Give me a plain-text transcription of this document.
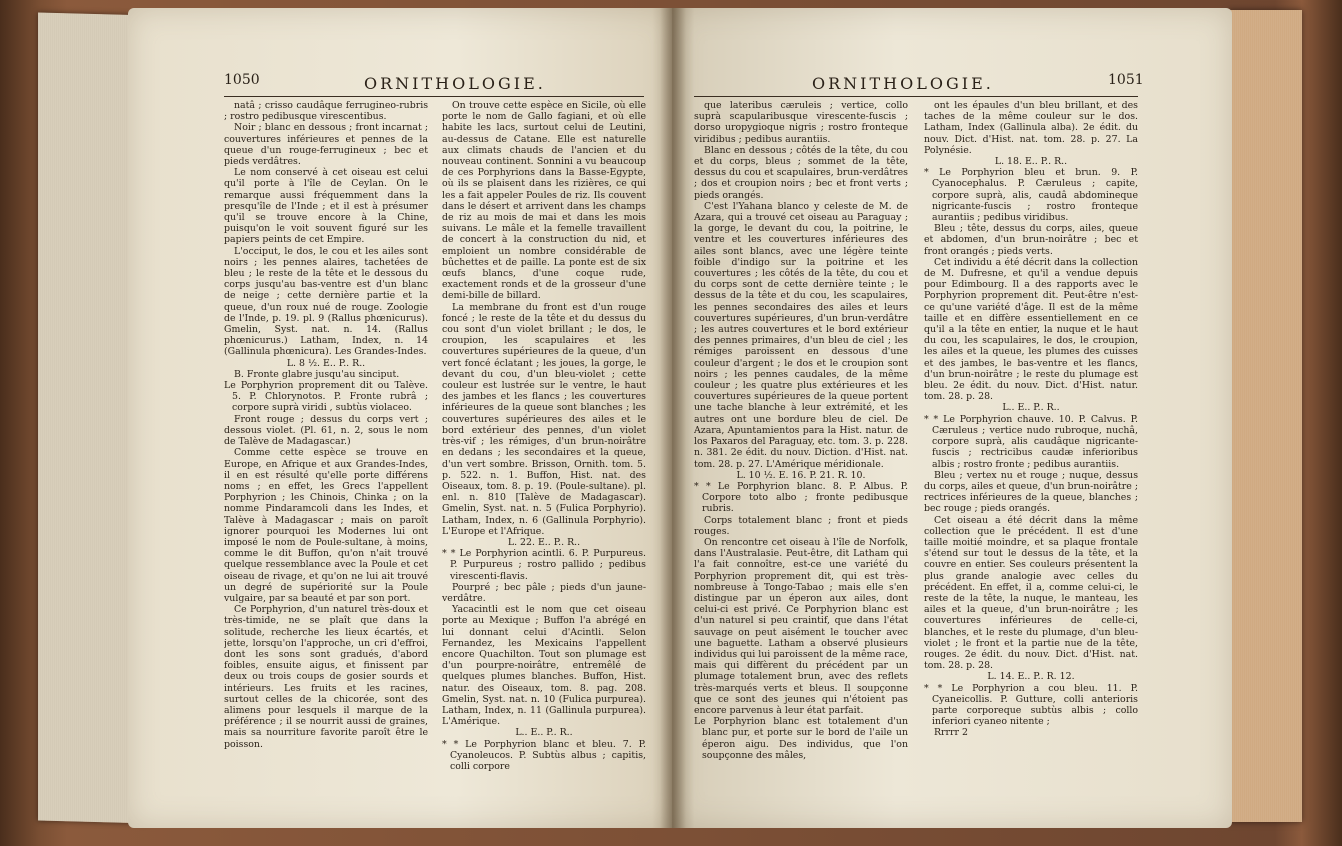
1050	ORNITHOLOGIE.

natâ ; crisso caudâque ferrugineo-rubris ; rostro pedibusque virescentibus.

Noir ; blanc en dessous ; front incarnat ; couvertures inférieures et pennes de la queue d'un rouge-ferrugineux ; bec et pieds verdâtres.

Le nom conservé à cet oiseau est celui qu'il porte à l'île de Ceylan. On le remarque aussi fréquemment dans la presqu'île de l'Inde ; et il est à présumer qu'il se trouve encore à la Chine, puisqu'on le voit souvent figuré sur les papiers peints de cet Empire.

L'occiput, le dos, le cou et les ailes sont noirs ; les pennes alaires, tachetées de bleu ; le reste de la tête et le dessous du corps jusqu'au bas-ventre est d'un blanc de neige ; cette dernière partie et la queue, d'un roux nué de rouge. Zoologie de l'Inde, p. 19. pl. 9 (Rallus phœnicurus). Gmelin, Syst. nat. n. 14. (Rallus phœnicurus.) Latham, Index, n. 14 (Gallinula phœnicura). Les Grandes-Indes.

L. 8 ½. E.. P.. R..

B. Fronte glabre jusqu'au sinciput.

Le Porphyrion proprement dit ou Talève. 5. P. Chlorynotos. P. Fronte rubrâ ; corpore suprà viridi , subtùs violaceo.

Front rouge ; dessus du corps vert ; dessous violet. (Pl. 61, n. 2, sous le nom de Talève de Madagascar.)

Comme cette espèce se trouve en Europe, en Afrique et aux Grandes-Indes, il en est résulté qu'elle porte différens noms ; en effet, les Grecs l'appellent Porphyrion ; les Chinois, Chinka ; on la nomme Pindaramcoli dans les Indes, et Talève à Madagascar ; mais on paroît ignorer pourquoi les Modernes lui ont imposé le nom de Poule-sultane, à moins, comme le dit Buffon, qu'on n'ait trouvé quelque ressemblance avec la Poule et cet oiseau de rivage, et qu'on ne lui ait trouvé un degré de supériorité sur la Poule vulgaire, par sa beauté et par son port.

Ce Porphyrion, d'un naturel très-doux et très-timide, ne se plaît que dans la solitude, recherche les lieux écartés, et jette, lorsqu'on l'approche, un cri d'effroi, dont les sons sont gradués, d'abord foibles, ensuite aigus, et finissent par deux ou trois coups de gosier sourds et intérieurs. Les fruits et les racines, surtout celles de la chicorée, sont des alimens pour lesquels il marque de la préférence ; il se nourrit aussi de graines, mais sa nourriture favorite paroît être le poisson.

On trouve cette espèce en Sicile, où elle porte le nom de Gallo fagiani, et où elle habite les lacs, surtout celui de Leutini, au-dessus de Catane. Elle est naturelle aux climats chauds de l'ancien et du nouveau continent. Sonnini a vu beaucoup de ces Porphyrions dans la Basse-Egypte, où ils se plaisent dans les rizières, ce qui les a fait appeler Poules de riz. Ils couvent dans le désert et arrivent dans les champs de riz au mois de mai et dans les mois suivans. Le mâle et la femelle travaillent de concert à la construction du nid, et emploient un nombre considérable de bûchettes et de paille. La ponte est de six œufs blancs, d'une coque rude, exactement ronds et de la grosseur d'une demi-bille de billard.

La membrane du front est d'un rouge foncé ; le reste de la tête et du dessus du cou sont d'un violet brillant ; le dos, le croupion, les scapulaires et les couvertures supérieures de la queue, d'un vert foncé éclatant ; les joues, la gorge, le devant du cou, d'un bleu-violet ; cette couleur est lustrée sur le ventre, le haut des jambes et les flancs ; les couvertures inférieures de la queue sont blanches ; les couvertures supérieures des ailes et le bord extérieur des pennes, d'un violet très-vif ; les rémiges, d'un brun-noirâtre en dedans ; les secondaires et la queue, d'un vert sombre. Brisson, Ornith. tom. 5. p. 522. n. 1. Buffon, Hist. nat. des Oiseaux, tom. 8. p. 19. (Poule-sultane). pl. enl. n. 810 [Talève de Madagascar). Gmelin, Syst. nat. n. 5 (Fulica Porphyrio). Latham, Index, n. 6 (Gallinula Porphyrio). L'Europe et l'Afrique.

L. 22. E.. P.. R..

* * Le Porphyrion acintli. 6. P. Purpureus. P. Purpureus ; rostro pallido ; pedibus virescenti-flavis.

Pourpré ; bec pâle ; pieds d'un jaune-verdâtre.

Yacacintli est le nom que cet oiseau porte au Mexique ; Buffon l'a abrégé en lui donnant celui d'Acintli. Selon Fernandez, les Mexicains l'appellent encore Quachilton. Tout son plumage est d'un pourpre-noirâtre, entremêlé de quelques plumes blanches. Buffon, Hist. natur. des Oiseaux, tom. 8. pag. 208. Gmelin, Syst. nat. n. 10 (Fulica purpurea). Latham, Index, n. 11 (Gallinula purpurea). L'Amérique.

L.. E.. P.. R..

* * Le Porphyrion blanc et bleu. 7. P. Cyanoleucos. P. Subtùs albus ; capitis, colli corpore

ORNITHOLOGIE.	1051

que lateribus cæruleis ; vertice, collo suprà scapularibusque virescente-fuscis ; dorso uropygioque nigris ; rostro fronteque viridibus ; pedibus aurantiis.

Blanc en dessous ; côtés de la tête, du cou et du corps, bleus ; sommet de la tête, dessus du cou et scapulaires, brun-verdâtres ; dos et croupion noirs ; bec et front verts ; pieds orangés.

C'est l'Yahana blanco y celeste de M. de Azara, qui a trouvé cet oiseau au Paraguay ; la gorge, le devant du cou, la poitrine, le ventre et les couvertures inférieures des ailes sont blancs, avec une légère teinte foible d'indigo sur la poitrine et les couvertures ; les côtés de la tête, du cou et du corps sont de cette dernière teinte ; le dessus de la tête et du cou, les scapulaires, les pennes secondaires des ailes et leurs couvertures supérieures, d'un brun-verdâtre ; les autres couvertures et le bord extérieur des pennes primaires, d'un bleu de ciel ; les rémiges paroissent en dessous d'une couleur d'argent ; le dos et le croupion sont noirs ; les pennes caudales, de la même couleur ; les quatre plus extérieures et les couvertures supérieures de la queue portent une tache blanche à leur extrémité, et les autres ont une bordure bleu de ciel. De Azara, Apuntamientos para la Hist. natur. de los Paxaros del Paraguay, etc. tom. 3. p. 228. n. 381. 2e édit. du nouv. Diction. d'Hist. nat. tom. 28. p. 27. L'Amérique méridionale.

L. 10 ½. E. 16. P. 21. R. 10.

* * Le Porphyrion blanc. 8. P. Albus. P. Corpore toto albo ; fronte pedibusque rubris.

Corps totalement blanc ; front et pieds rouges.

On rencontre cet oiseau à l'île de Norfolk, dans l'Australasie. Peut-être, dit Latham qui l'a fait connoître, est-ce une variété du Porphyrion proprement dit, qui est très-nombreuse à Tongo-Tabao ; mais elle s'en distingue par un éperon aux ailes, dont celui-ci est privé. Ce Porphyrion blanc est d'un naturel si peu craintif, que dans l'état sauvage on peut aisément le toucher avec une baguette. Latham a observé plusieurs individus qui lui paroissent de la même race, mais qui diffèrent du précédent par un plumage totalement brun, avec des reflets très-marqués verts et bleus. Il soupçonne que ce sont des jeunes qui n'étoient pas encore parvenus à leur état parfait.

Le Porphyrion blanc est totalement d'un blanc pur, et porte sur le bord de l'aile un éperon aigu. Des individus, que l'on soupçonne des mâles,

ont les épaules d'un bleu brillant, et des taches de la même couleur sur le dos. Latham, Index (Gallinula alba). 2e édit. du nouv. Dict. d'Hist. nat. tom. 28. p. 27. La Polynésie.

L. 18. E.. P.. R..

* Le Porphyrion bleu et brun. 9. P. Cyanocephalus. P. Cæruleus ; capite, corpore suprà, alis, caudâ abdomineque nigricante-fuscis ; rostro fronteque aurantiis ; pedibus viridibus.

Bleu ; tête, dessus du corps, ailes, queue et abdomen, d'un brun-noirâtre ; bec et front orangés ; pieds verts.

Cet individu a été décrit dans la collection de M. Dufresne, et qu'il a vendue depuis pour Edimbourg. Il a des rapports avec le Porphyrion proprement dit. Peut-être n'est-ce qu'une variété d'âge. Il est de la même taille et en diffère essentiellement en ce qu'il a la tête en entier, la nuque et le haut du cou, les scapulaires, le dos, le croupion, les ailes et la queue, les plumes des cuisses et des jambes, le bas-ventre et les flancs, d'un brun-noirâtre ; le reste du plumage est bleu. 2e édit. du nouv. Dict. d'Hist. natur. tom. 28. p. 28.

L.. E.. P.. R..

* * Le Porphyrion chauve. 10. P. Calvus. P. Cæruleus ; vertice nudo rubroque, nuchâ, corpore suprà, alis caudâque nigricante-fuscis ; rectricibus caudæ inferioribus albis ; rostro fronte ; pedibus aurantiis.

Bleu ; vertex nu et rouge ; nuque, dessus du corps, ailes et queue, d'un brun-noirâtre ; rectrices inférieures de la queue, blanches ; bec rouge ; pieds orangés.

Cet oiseau a été décrit dans la même collection que le précédent. Il est d'une taille moitié moindre, et sa plaque frontale s'étend sur tout le dessus de la tête, et la couvre en entier. Ses couleurs présentent la plus grande analogie avec celles du précédent. En effet, il a, comme celui-ci, le reste de la tête, la nuque, le manteau, les ailes et la queue, d'un brun-noirâtre ; les couvertures inférieures de celle-ci, blanches, et le reste du plumage, d'un bleu-violet ; le front et la partie nue de la tête, rouges. 2e édit. du nouv. Dict. d'Hist. nat. tom. 28. p. 28.

L. 14. E.. P.. R. 12.

* * Le Porphyrion a cou bleu. 11. P. Cyaneicollis. P. Gutture, colli anterioris parte corporeque subtùs albis ; collo inferiori cyaneo nitente ;

Rrrrr 2
